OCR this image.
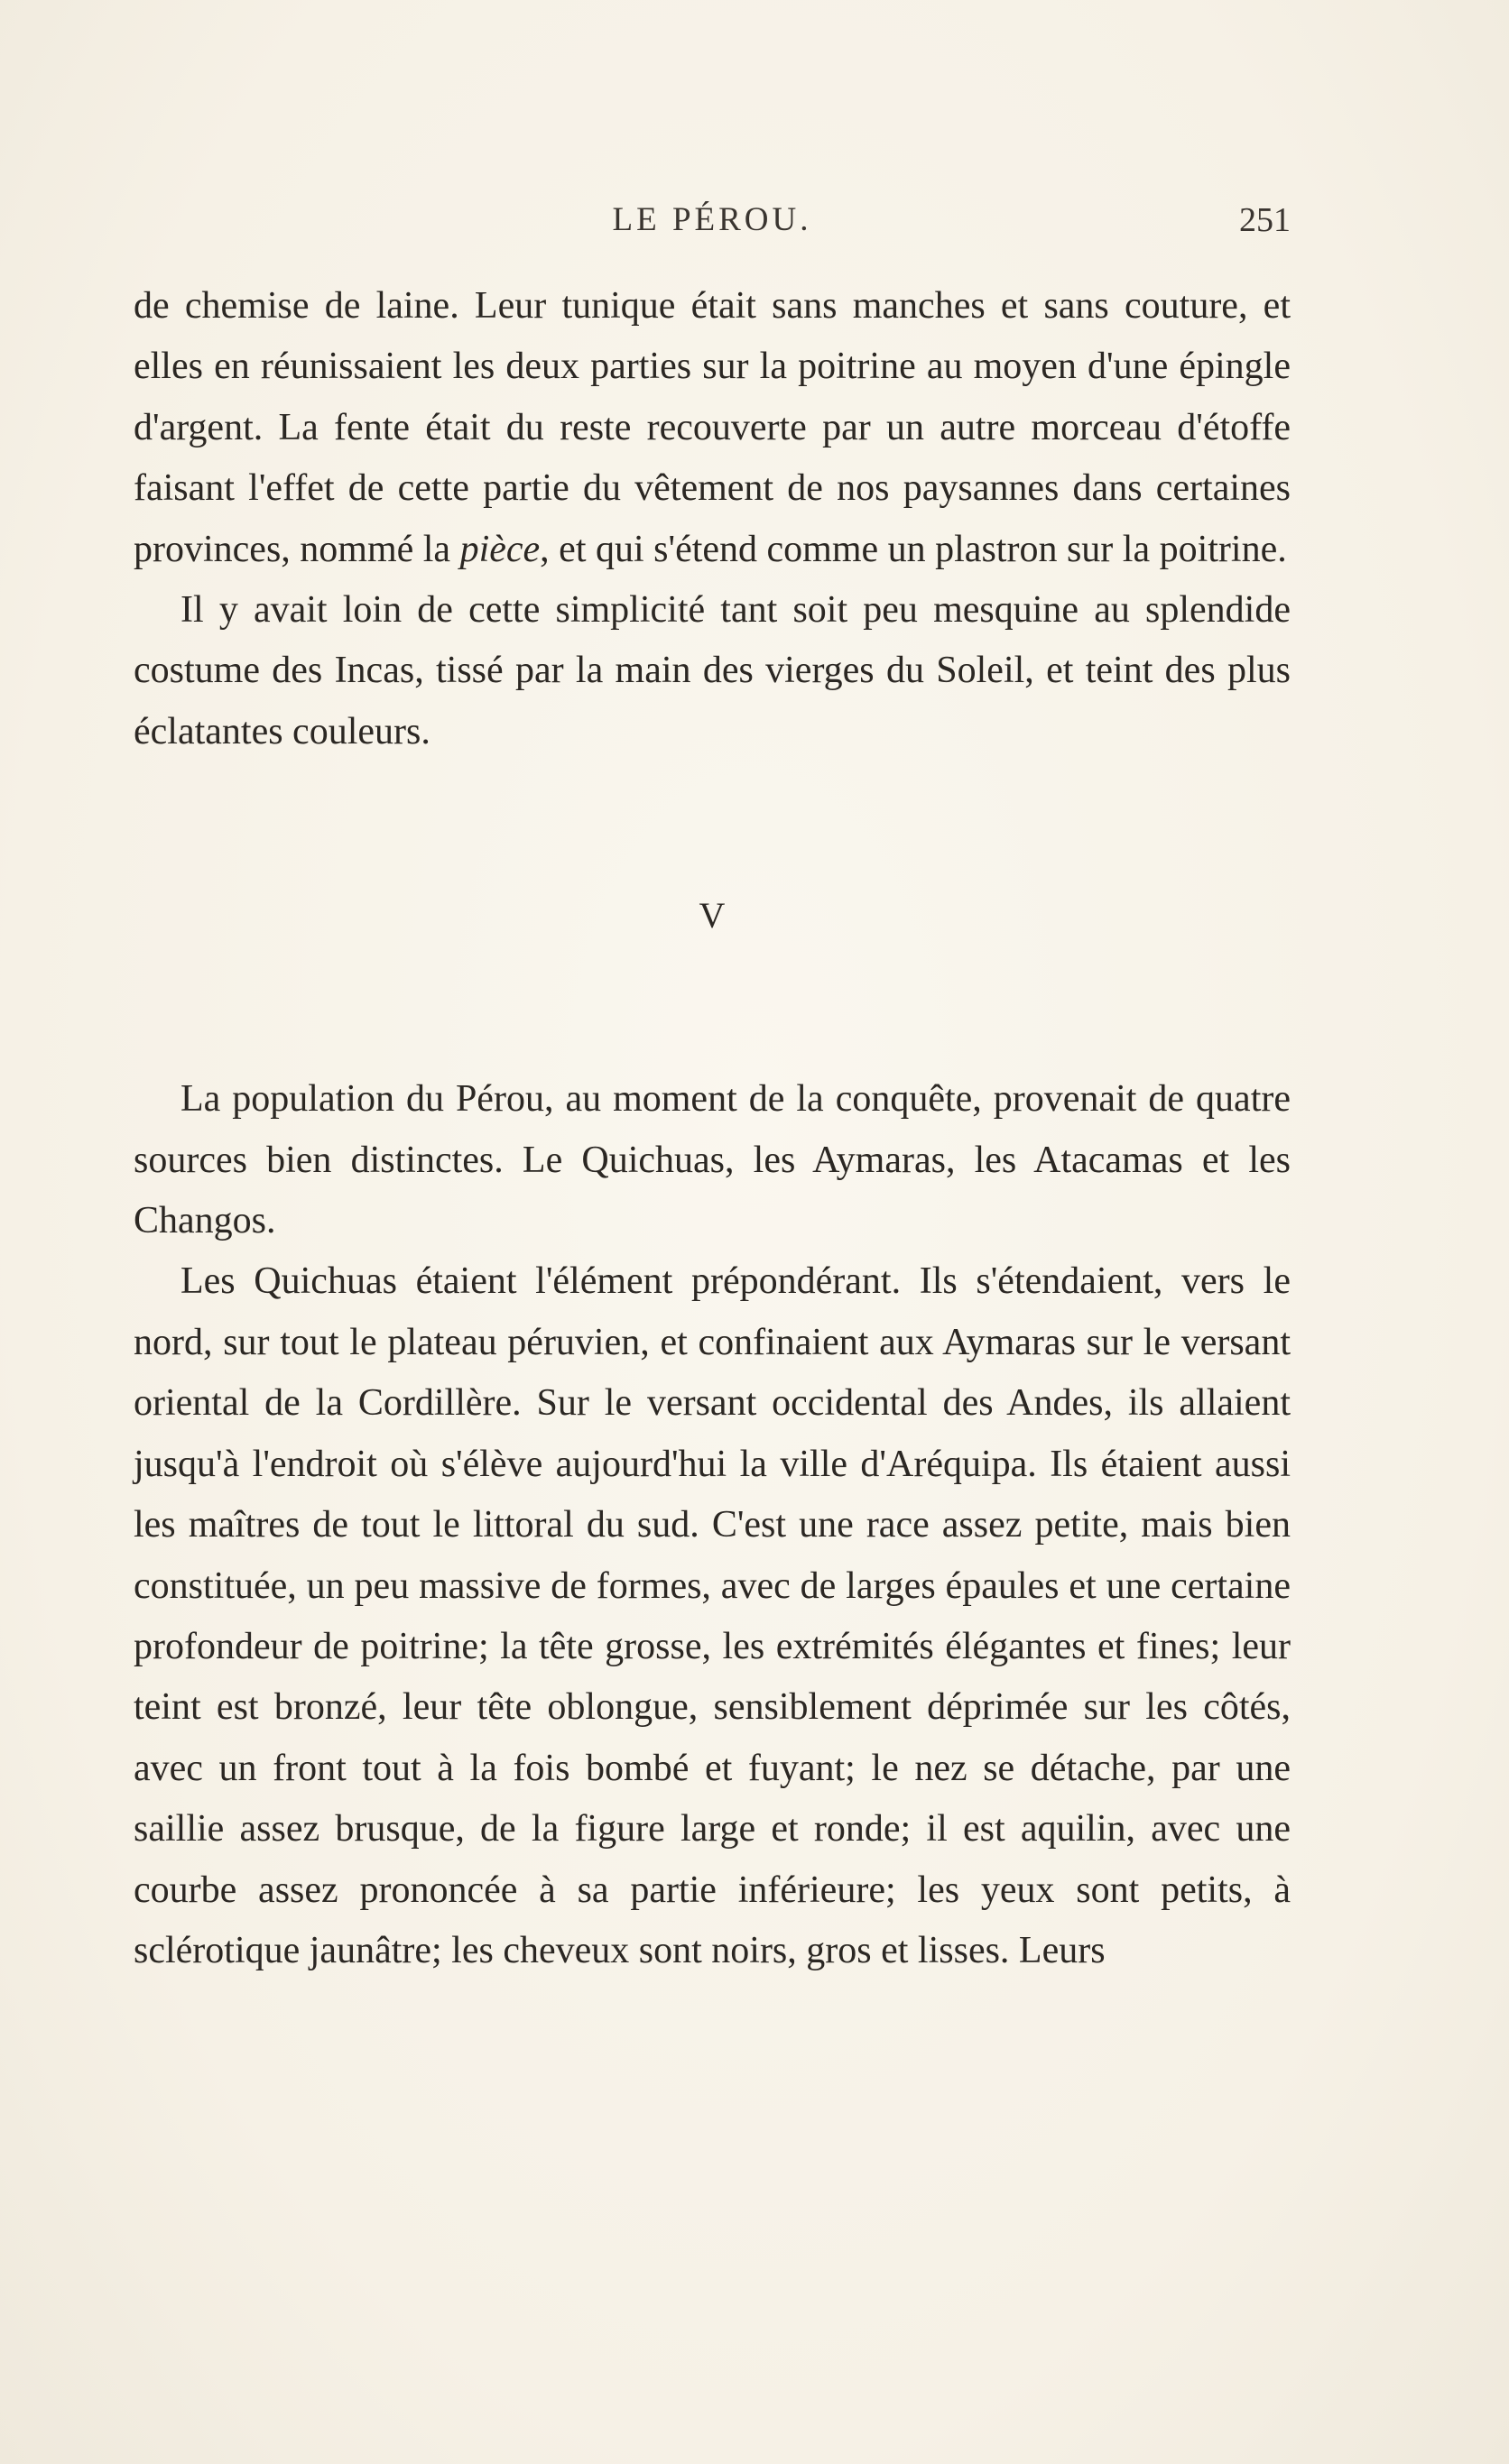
LE PÉROU.	251

de chemise de laine. Leur tunique était sans manches et sans couture, et elles en réunissaient les deux parties sur la poitrine au moyen d'une épingle d'argent. La fente était du reste recouverte par un autre morceau d'étoffe faisant l'effet de cette partie du vêtement de nos paysannes dans certaines provinces, nommé la pièce, et qui s'étend comme un plastron sur la poitrine.

Il y avait loin de cette simplicité tant soit peu mesquine au splendide costume des Incas, tissé par la main des vierges du Soleil, et teint des plus éclatantes couleurs.

V

La population du Pérou, au moment de la conquête, provenait de quatre sources bien distinctes. Le Quichuas, les Aymaras, les Atacamas et les Changos.

Les Quichuas étaient l'élément prépondérant. Ils s'étendaient, vers le nord, sur tout le plateau péruvien, et confinaient aux Aymaras sur le versant oriental de la Cordillère. Sur le versant occidental des Andes, ils allaient jusqu'à l'endroit où s'élève aujourd'hui la ville d'Aréquipa. Ils étaient aussi les maîtres de tout le littoral du sud. C'est une race assez petite, mais bien constituée, un peu massive de formes, avec de larges épaules et une certaine profondeur de poitrine; la tête grosse, les extrémités élégantes et fines; leur teint est bronzé, leur tête oblongue, sensiblement déprimée sur les côtés, avec un front tout à la fois bombé et fuyant; le nez se détache, par une saillie assez brusque, de la figure large et ronde; il est aquilin, avec une courbe assez prononcée à sa partie inférieure; les yeux sont petits, à sclérotique jaunâtre; les cheveux sont noirs, gros et lisses. Leurs
